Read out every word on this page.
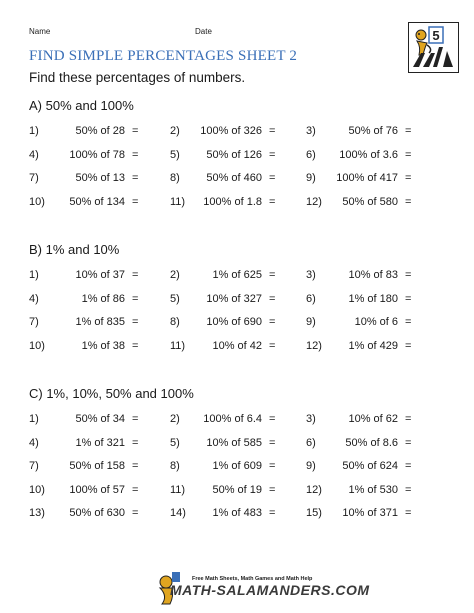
Name	Date
FIND SIMPLE PERCENTAGES SHEET 2
Find these percentages of numbers.
5
A) 50% and 100%
1)	50% of 28 =	2) 100% of 326 =	3)	50% of 76 =
4)	100% of 78 =	5) 50% of 126 =	6) 100% of 3.6 =
7)	50% of 13 =	8) 50% of 460 =	9) 100% of 417 =
10) 50% of 134 =	11) 100% of 1.8 =	12) 50% of 580 =
B) 1% and 10%
1)	10% of 37 =	2)	1% of 625 =	3)	10% of 83 =
4)	1% of 86 =	5) 10% of 327 =	6)	1% of 180 =
7)	1% of 835 =	8) 10% of 690 =	9)	10% of 6 =
10)	1% of 38 =	11) 10% of 42 =	12) 1% of 429 =
C) 1%, 10%, 50% and 100%
1)	50% of 34 =	2) 100% of 6.4 =	3)	10% of 62 =
4)	1% of 321 =	5) 10% of 585 =	6)	50% of 8.6 =
7)	50% of 158 =	8)	1% of 609 =	9) 50% of 624 =
10) 100% of 57 =	11) 50% of 19 =	12) 1% of 530 =
13) 50% of 630 =	14) 1% of 483 =	15) 10% of 371 =
Free Math Sheets, Math Games and Math Help
MATH-SALAMANDERS.COM
